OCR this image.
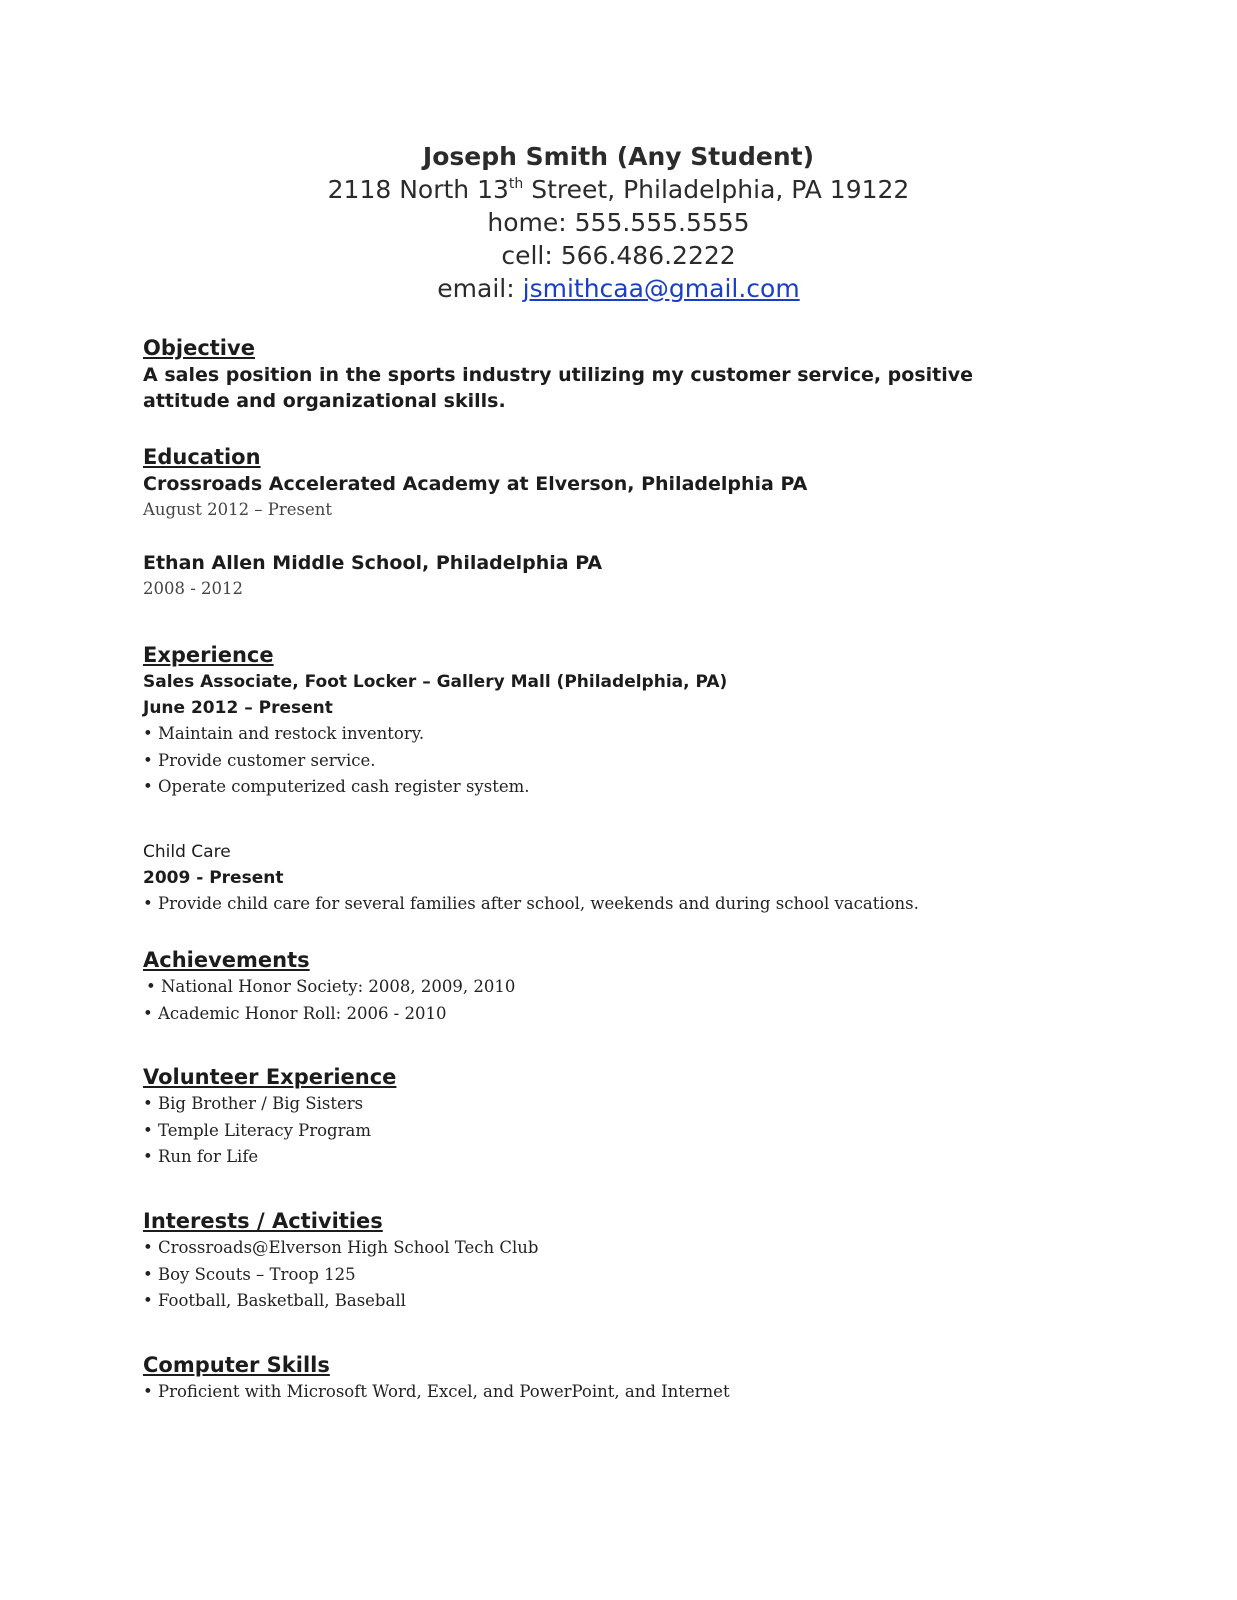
Joseph Smith (Any Student)
2118 North 13th Street, Philadelphia, PA 19122
home: 555.555.5555
cell: 566.486.2222
email: jsmithcaa@gmail.com
Objective
A sales position in the sports industry utilizing my customer service, positive attitude and organizational skills.
Education
Crossroads Accelerated Academy at Elverson, Philadelphia PA
August 2012 – Present
Ethan Allen Middle School, Philadelphia PA
2008 - 2012
Experience
Sales Associate, Foot Locker – Gallery Mall (Philadelphia, PA)
June 2012 – Present
• Maintain and restock inventory.
• Provide customer service.
• Operate computerized cash register system.
Child Care
2009 - Present
• Provide child care for several families after school, weekends and during school vacations.
Achievements
• National Honor Society: 2008, 2009, 2010
• Academic Honor Roll: 2006 - 2010
Volunteer Experience
• Big Brother / Big Sisters
• Temple Literacy Program
• Run for Life
Interests / Activities
• Crossroads@Elverson High School Tech Club
• Boy Scouts – Troop 125
• Football, Basketball, Baseball
Computer Skills
• Proficient with Microsoft Word, Excel, and PowerPoint, and Internet
